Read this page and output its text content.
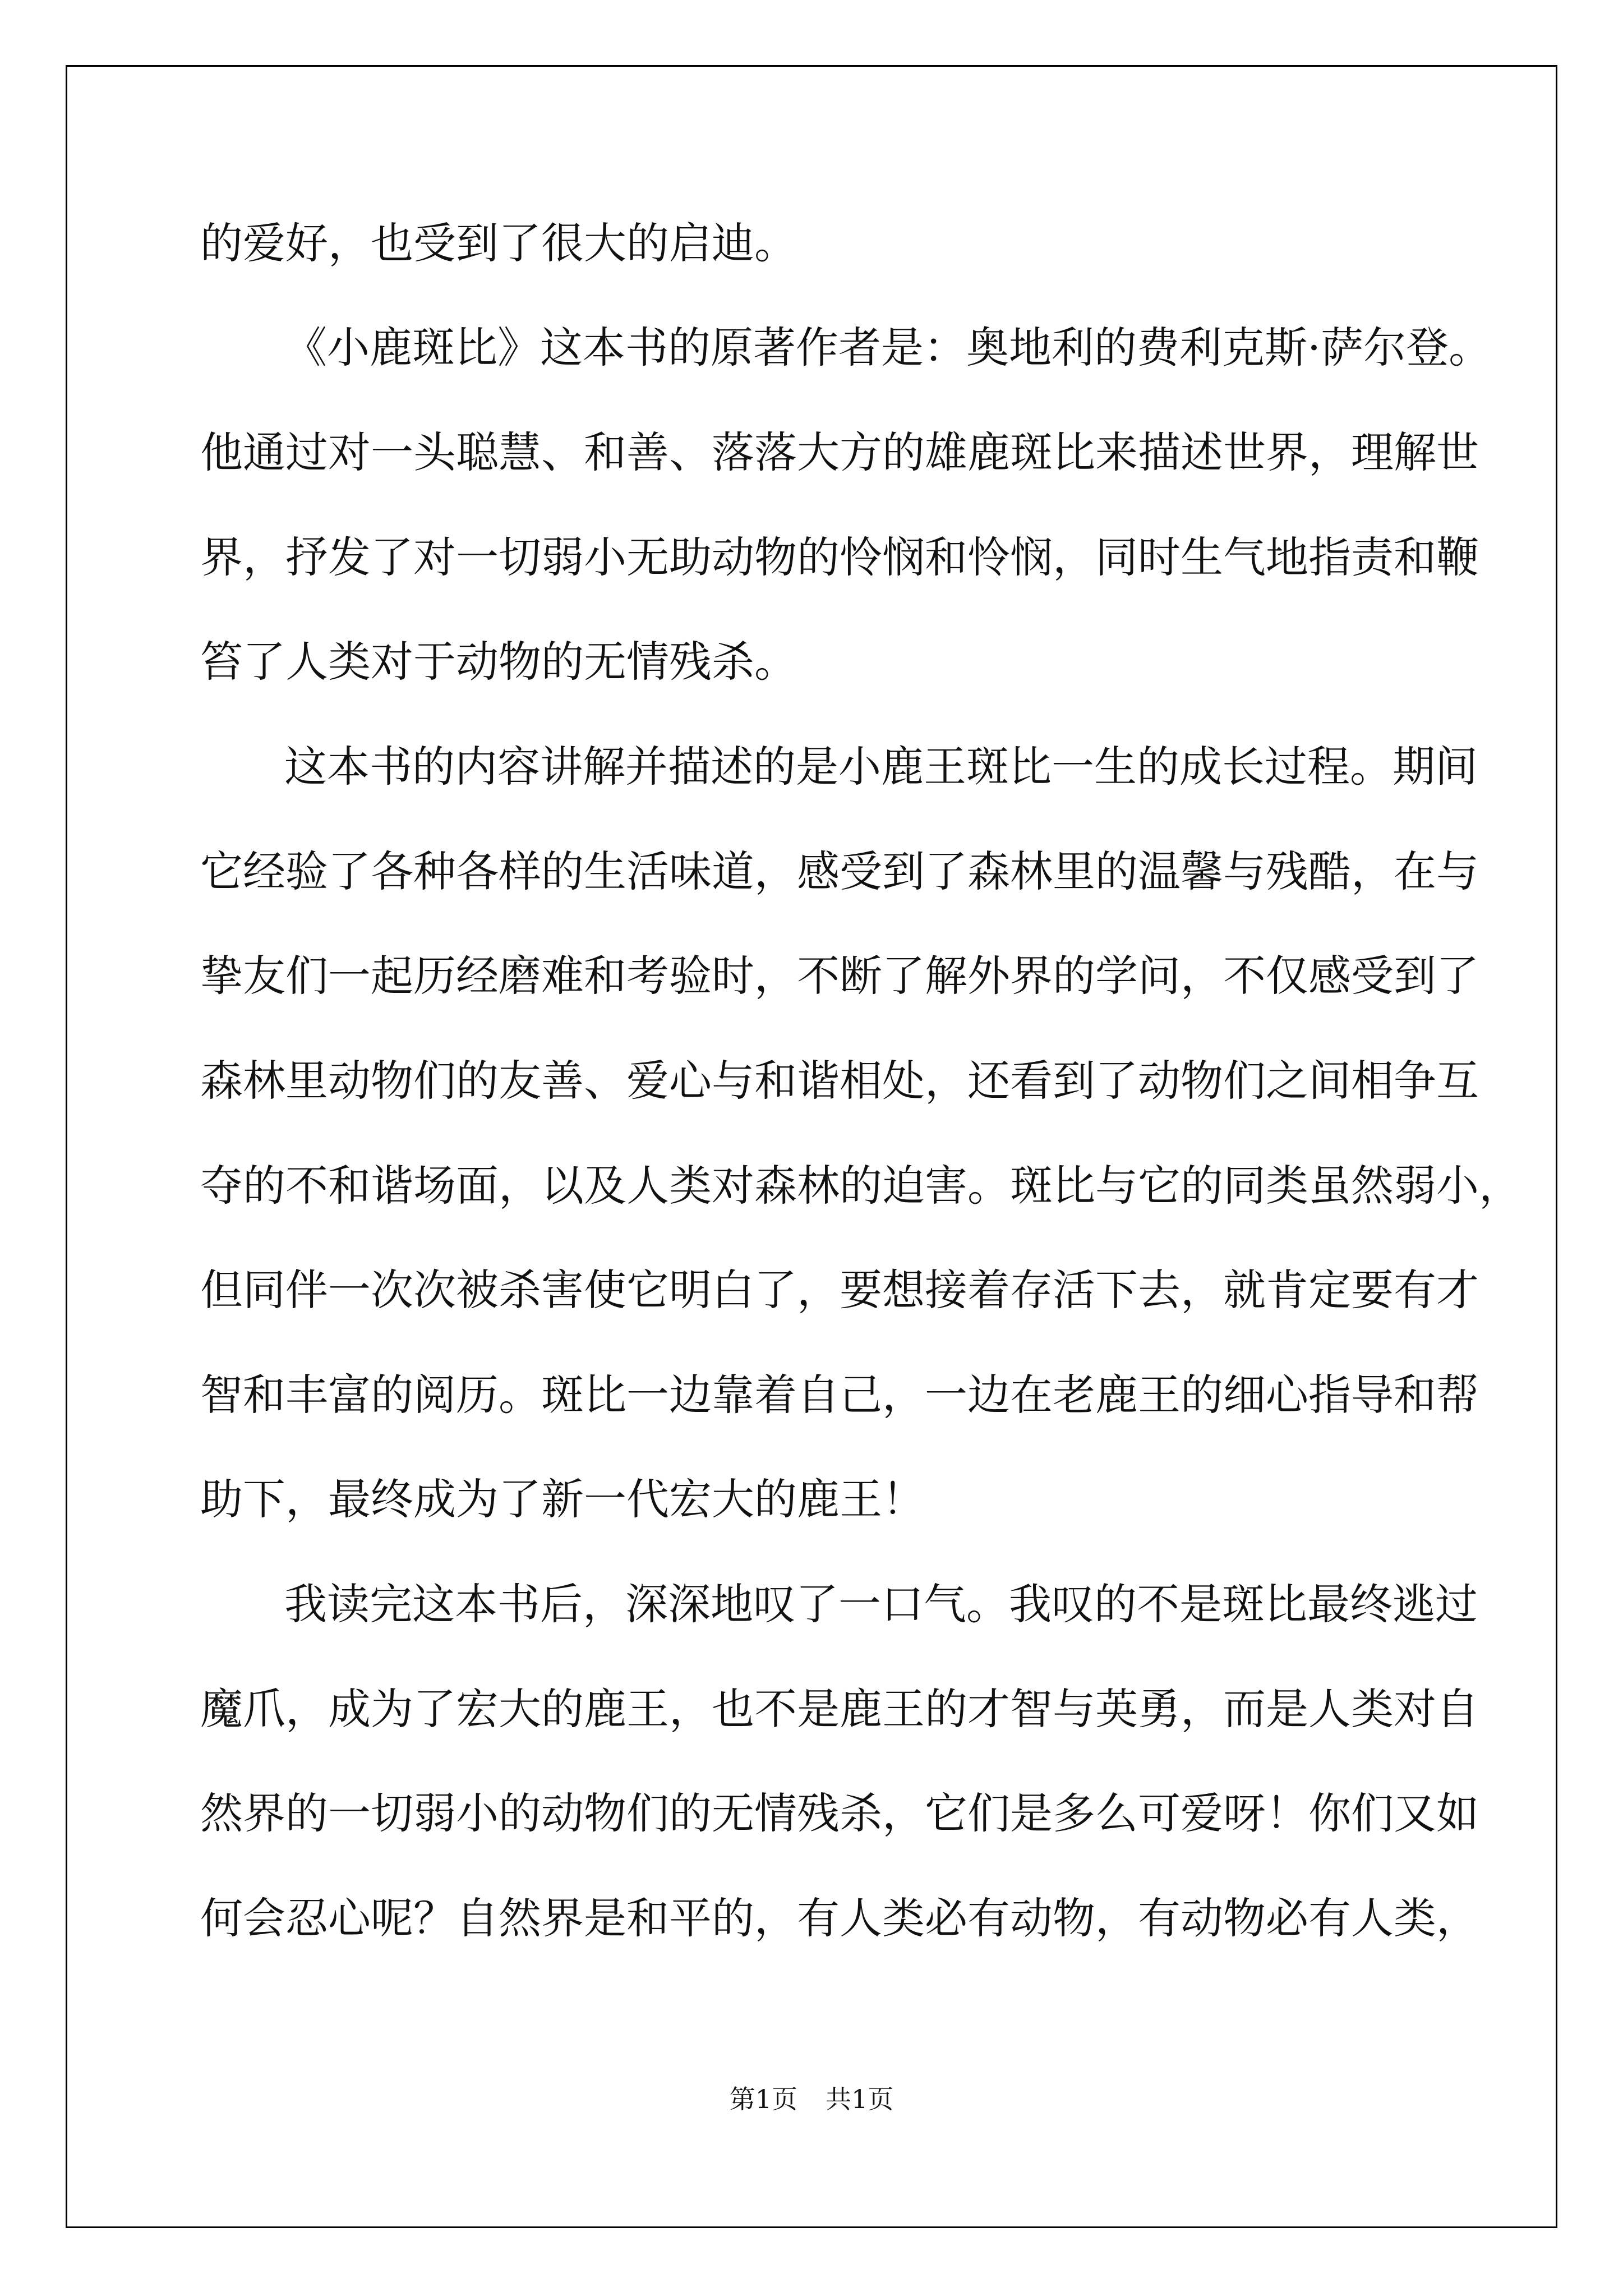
的爱好，也受到了很大的启迪。

《小鹿斑比》这本书的原著作者是：奥地利的费利克斯·萨尔登。

他通过对一头聪慧、和善、落落大方的雄鹿斑比来描述世界，理解世

界，抒发了对一切弱小无助动物的怜悯和怜悯，同时生气地指责和鞭

笞了人类对于动物的无情残杀。

这本书的内容讲解并描述的是小鹿王斑比一生的成长过程。期间

它经验了各种各样的生活味道，感受到了森林里的温馨与残酷，在与

挚友们一起历经磨难和考验时，不断了解外界的学问，不仅感受到了

森林里动物们的友善、爱心与和谐相处，还看到了动物们之间相争互

夺的不和谐场面，以及人类对森林的迫害。斑比与它的同类虽然弱小，

但同伴一次次被杀害使它明白了，要想接着存活下去，就肯定要有才

智和丰富的阅历。斑比一边靠着自己，一边在老鹿王的细心指导和帮

助下，最终成为了新一代宏大的鹿王！

我读完这本书后，深深地叹了一口气。我叹的不是斑比最终逃过

魔爪，成为了宏大的鹿王，也不是鹿王的才智与英勇，而是人类对自

然界的一切弱小的动物们的无情残杀，它们是多么可爱呀！你们又如

何会忍心呢？自然界是和平的，有人类必有动物，有动物必有人类，

第1页 共1页
